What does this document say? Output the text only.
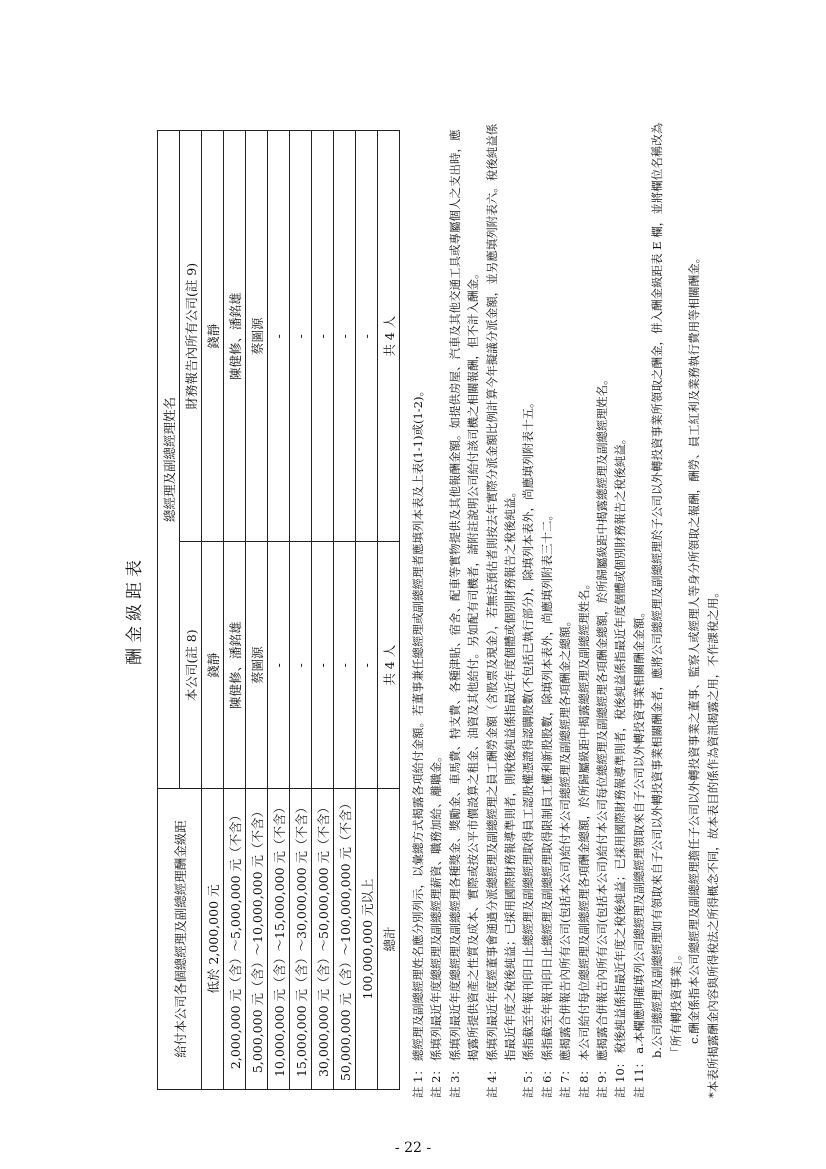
酬金級距表
給付本公司各個總經理及副總經理酬金級距	總經理及副總經理姓名	
	本公司(註 8)	財務報告內所有公司(註 9)
低於 2,000,000 元	錢靜	錢靜
2,000,000 元（含）～5,000,000 元（不含）	陳健修、潘銘雄	陳健修、潘銘雄
5,000,000 元（含）～10,000,000 元（不含）	蔡圖源	蔡圖源
10,000,000 元（含）～15,000,000 元（不含）	-	-
15,000,000 元（含）～30,000,000 元（不含）	-	-
30,000,000 元（含）～50,000,000 元（不含）	-	-
50,000,000 元（含）～100,000,000 元（不含）	-	-
100,000,000 元以上	-	-
總計	共 4 人	共 4 人
註 1：
總經理及副總經理姓名應分別列示，以彙總方式揭露各項給付金額。若董事兼任總經理或副總經理者應填列本表及上表(1-1)或(1-2)。
註 2：
係填列最近年度總經理及副總經理薪資、職務加給、離職金。
註 3：
係填列最近年度總經理及副總經理各種獎金、獎勵金、車馬費、特支費、各種津貼、宿舍、配車等實物提供及其他報酬金額。如提供房屋、汽車及其他交通工具或專屬個人之支出時，應揭露所提供資產之性質及成本、實際或按公平市價設算之租金、油資及其他給付。另如配有司機者，請附註說明公司給付該司機之相關報酬，但不計入酬金。
註 4：
係填列最近年度經董事會通過分派總經理及副總經理之員工酬勞金額（含股票及現金），若無法預估者則按去年實際分派金額比例計算今年擬議分派金額，並另應填列附表六。稅後純益係指最近年度之稅後純益；已採用國際財務報導準則者，則稅後純益係指最近年度個體或個別財務報告之稅後純益。
註 5：
係指截至年報刊印日止總經理及副總經理取得員工認股權憑證得認購股數(不包括已執行部分)，除填列本表外，尚應填列附表十五。
註 6：
係指截至年報刊印日止總經理及副總經理取得限制員工權利新股股數，除填列本表外，尚應填列附表三十二。
註 7：
應揭露合併報告內所有公司(包括本公司)給付本公司總經理及副總經理各項酬金之總額。
註 8：
本公司給付每位總經理及副總經理各項酬金總額，於所歸屬級距中揭露總經理及副總經理姓名。
註 9：
應揭露合併報告內所有公司(包括本公司)給付本公司每位總經理及副總經理各項酬金總額，於所歸屬級距中揭露總經理及副總經理姓名。
註 10：
稅後純益係指最近年度之稅後純益；已採用國際財務報導準則者，稅後純益係指最近年度個體或個別財務報告之稅後純益。
註 11：
a.本欄應明確填列公司總經理及副總經理領取來自子公司以外轉投資事業相關酬金金額。 b.公司總經理及副總經理如有領取來自子公司以外轉投資事業相關酬金者，應將公司總經理及副總經理於子公司以外轉投資事業所領取之酬金，併入酬金級距表 E 欄，並將欄位名稱改為「所有轉投資事業」。 c.酬金係指本公司總經理及副總經理擔任子公司以外轉投資事業之董事、監察人或經理人等身分所領取之報酬，酬勞、員工紅利及業務執行費用等相關酬金。 *本表所揭露酬金內容與所得稅法之所得概念不同，故本表目的係作為資訊揭露之用，不作課稅之用。
- 22 -
